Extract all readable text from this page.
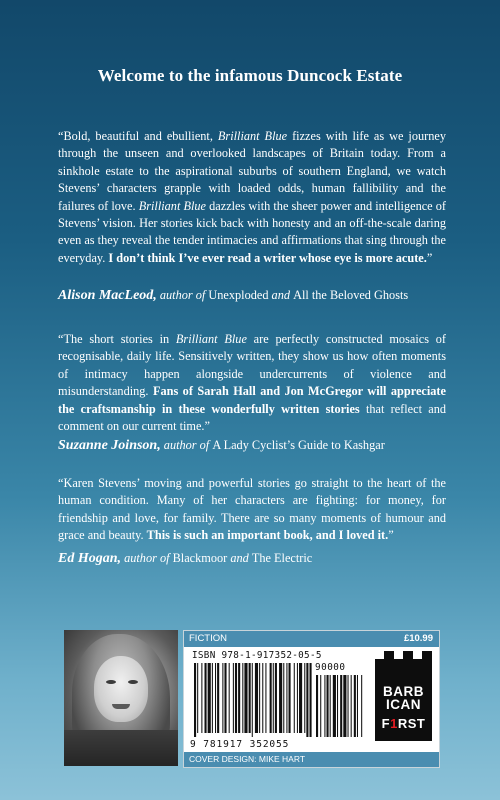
Welcome to the infamous Duncock Estate
“Bold, beautiful and ebullient, Brilliant Blue fizzes with life as we journey through the unseen and overlooked landscapes of Britain today. From a sinkhole estate to the aspirational suburbs of southern England, we watch Stevens’ characters grapple with loaded odds, human fallibility and the failures of love. Brilliant Blue dazzles with the sheer power and intelligence of Stevens’ vision. Her stories kick back with honesty and an off-the-scale daring even as they reveal the tender intimacies and affirmations that sing through the everyday. I don’t think I’ve ever read a writer whose eye is more acute.”
Alison MacLeod, author of Unexploded and All the Beloved Ghosts
“The short stories in Brilliant Blue are perfectly constructed mosaics of recognisable, daily life. Sensitively written, they show us how often moments of intimacy happen alongside undercurrents of violence and misunderstanding. Fans of Sarah Hall and Jon McGregor will appreciate the craftsmanship in these wonderfully written stories that reflect and comment on our current time.”
Suzanne Joinson, author of A Lady Cyclist’s Guide to Kashgar
“Karen Stevens’ moving and powerful stories go straight to the heart of the human condition. Many of her characters are fighting: for money, for friendship and love, for family. There are so many moments of humour and grace and beauty. This is such an important book, and I loved it.”
Ed Hogan, author of Blackmoor and The Electric
FICTION	£10.99
ISBN 978-1-917352-05-5
90000
9 781917 352055
BARB
ICAN
F1RST
COVER DESIGN: MIKE HART
